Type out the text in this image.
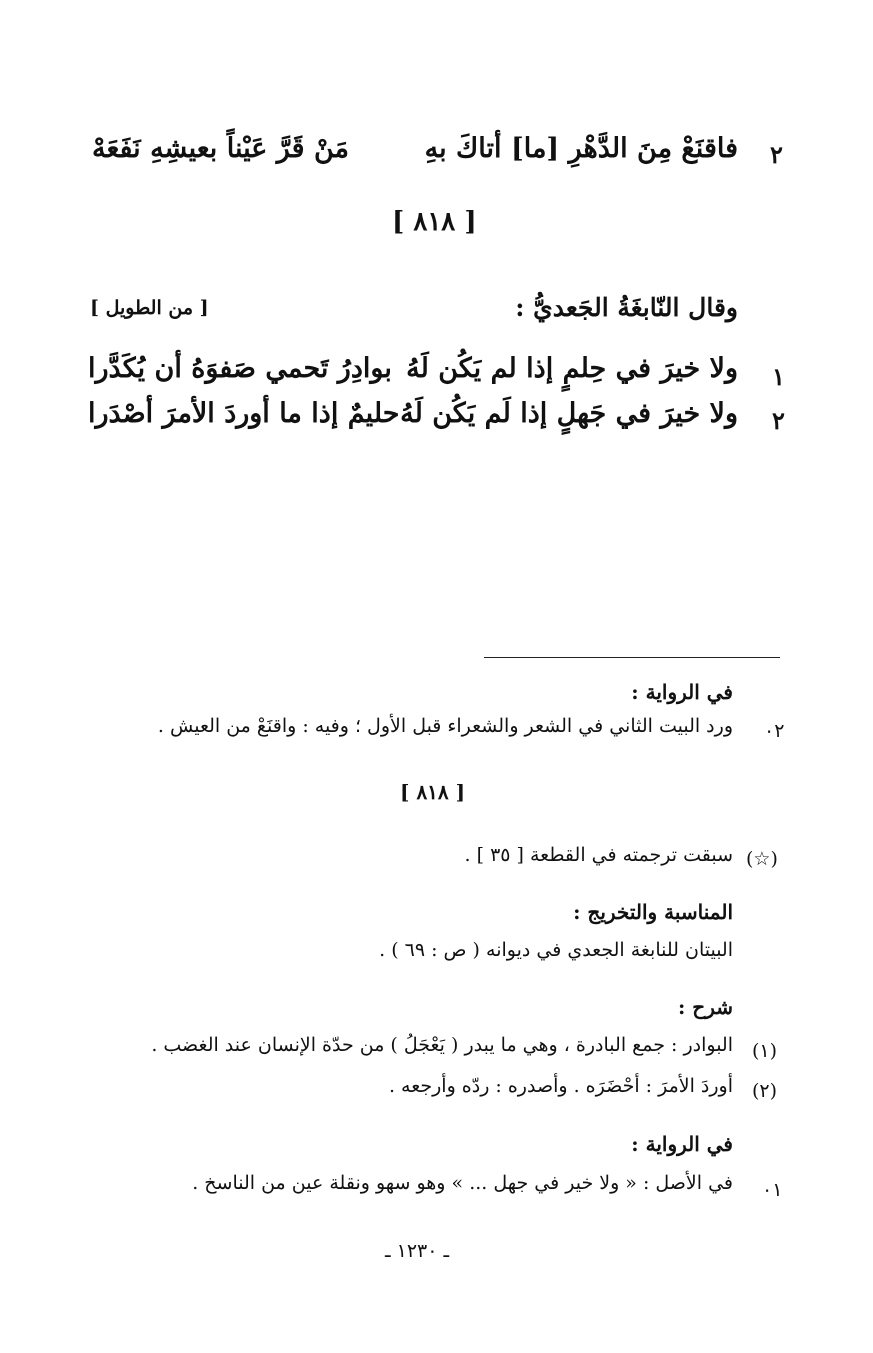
٢
فاقنَعْ مِنَ الدَّهْرِ [ما] أتاكَ بهِ
مَنْ قَرَّ عَيْناً بعيشِهِ نَفَعَهْ
[ ٨١٨ ]
وقال النّابغَةُ الجَعديُّ :
[ من الطويل ]
١
ولا خيرَ في حِلمٍ إذا لم يَكُن لَهُ
بوادِرُ تَحمي صَفوَهُ أن يُكَدَّرا
٢
ولا خيرَ في جَهلٍ إذا لَم يَكُن لَهُ
حليمٌ إذا ما أوردَ الأمرَ أصْدَرا
في الرواية :
٠٢
ورد البيت الثاني في الشعر والشعراء قبل الأول ؛ وفيه : واقنَعْ من العيش .
[ ٨١٨ ]
(☆)
سبقت ترجمته في القطعة [ ٣٥ ] .
المناسبة والتخريج :
البيتان للنابغة الجعدي في ديوانه ( ص : ٦٩ ) .
شرح :
(١)
البوادر : جمع البادرة ، وهي ما يبدر ( يَعْجَلُ ) من حدّة الإنسان عند الغضب .
(٢)
أوردَ الأمرَ : أحْضَرَه . وأصدره : ردّه وأرجعه .
في الرواية :
٠١
في الأصل : « ولا خير في جهل ... » وهو سهو ونقلة عين من الناسخ .
ـ ١٢٣٠ ـ
